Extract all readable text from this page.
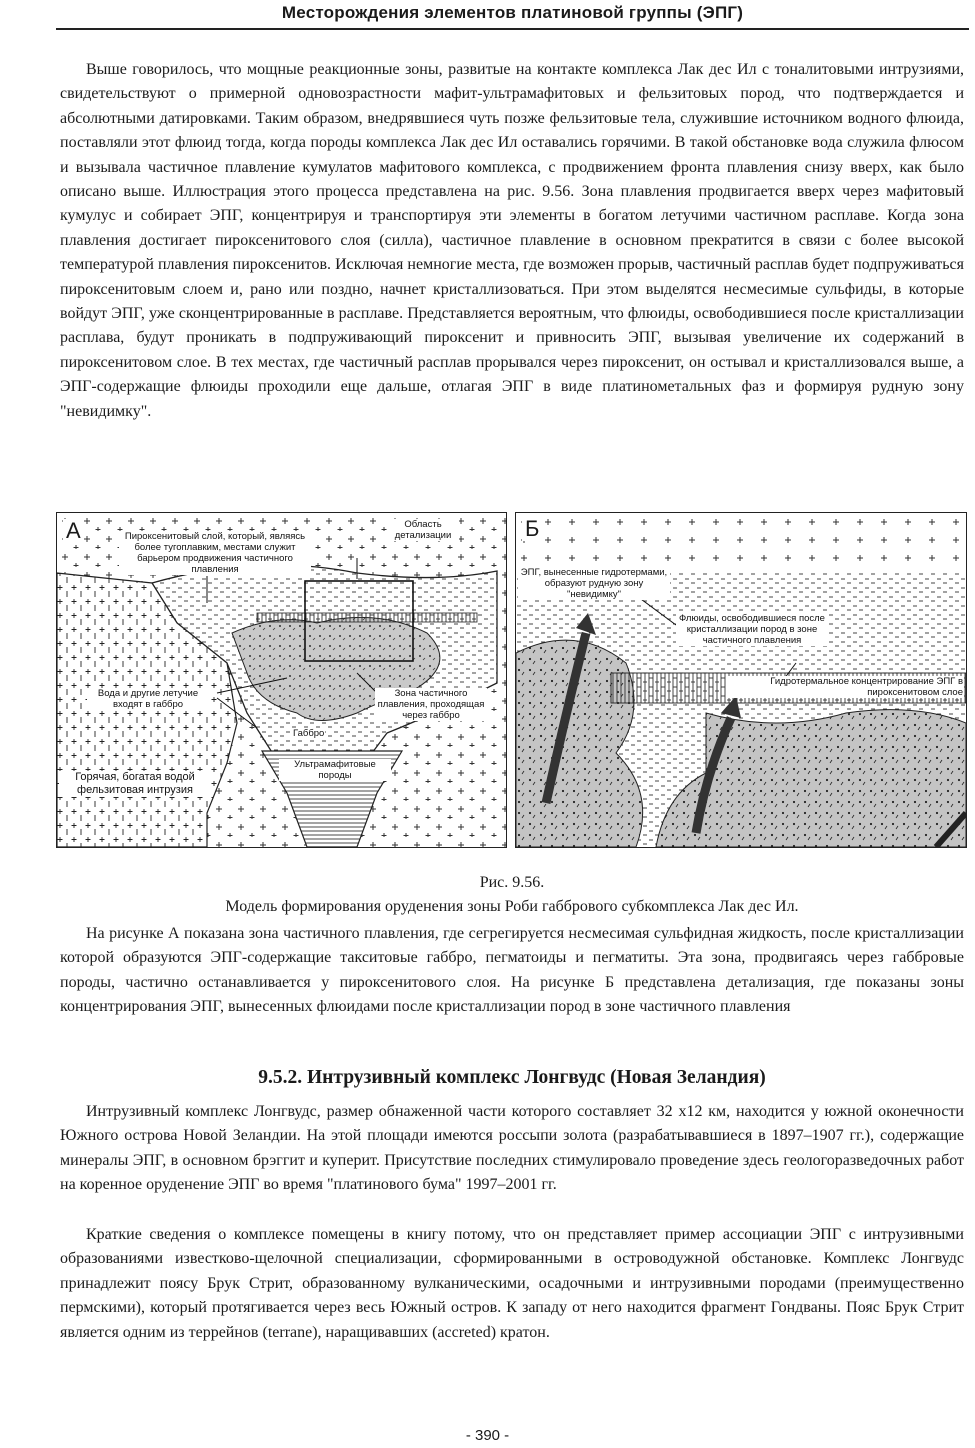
Месторождения элементов платиновой группы (ЭПГ)

Выше говорилось, что мощные реакционные зоны, развитые на контакте комплекса Лак дес Ил с тоналитовыми интрузиями, свидетельствуют о примерной одновозрастности мафит-ультрамафитовых и фельзитовых пород, что подтверждается и абсолютными датировками. Таким образом, внедрявшиеся чуть позже фельзитовые тела, служившие источником водного флюида, поставляли этот флюид тогда, когда породы комплекса Лак дес Ил оставались горячими. В такой обстановке вода служила флюсом и вызывала частичное плавление кумулатов мафитового комплекса, с продвижением фронта плавления снизу вверх, как было описано выше. Иллюстрация этого процесса представлена на рис. 9.56. Зона плавления продвигается вверх через мафитовый кумулус и собирает ЭПГ, концентрируя и транспортируя эти элементы в богатом летучими частичном расплаве. Когда зона плавления достигает пироксенитового слоя (силла), частичное плавление в основном прекратится в связи с более высокой температурой плавления пироксенитов. Исключая немногие места, где возможен прорыв, частичный расплав будет подпруживаться пироксенитовым слоем и, рано или поздно, начнет кристаллизоваться. При этом выделятся несмесимые сульфиды, в которые войдут ЭПГ, уже сконцентрированные в расплаве. Представляется вероятным, что флюиды, освободившиеся после кристаллизации расплава, будут проникать в подпруживающий пироксенит и привносить ЭПГ, вызывая увеличение их содержаний в пироксенитовом слое. В тех местах, где частичный расплав прорывался через пироксенит, он остывал и кристаллизовался выше, а ЭПГ-содержащие флюиды проходили еще дальше, отлагая ЭПГ в виде платинометальных фаз и формируя рудную зону "невидимку".

А	Пироксенитовый слой, который, являясь более тугоплавким, местами служит барьером продвижения частичного плавления
Область детализации
Вода и другие летучие входят в габбро
Зона частичного плавления, проходящая через габбро
Габбро
Ультрамафитовые породы
Горячая, богатая водой фельзитовая интрузия
Б
ЭПГ, вынесенные гидротермами, образуют рудную зону "невидимку"
Флюиды, освободившиеся после кристаллизации пород в зоне частичного плавления
Гидротермальное концентрирование ЭПГ в пироксенитовом слое
Рис. 9.56.
Модель формирования оруденения зоны Роби габбрового субкомплекса Лак дес Ил.

На рисунке А показана зона частичного плавления, где сегрегируется несмесимая сульфидная жидкость, после кристаллизации которой образуются ЭПГ-содержащие такситовые габбро, пегматоиды и пегматиты. Эта зона, продвигаясь через габбровые породы, частично останавливается у пироксенитового слоя. На рисунке Б представлена детализация, где показаны зоны концентрирования ЭПГ, вынесенных флюидами после кристаллизации пород в зоне частичного плавления

9.5.2. Интрузивный комплекс Лонгвудс (Новая Зеландия)

Интрузивный комплекс Лонгвудс, размер обнаженной части которого составляет 32 х12 км, находится у южной оконечности Южного острова Новой Зеландии. На этой площади имеются россыпи золота (разрабатывавшиеся в 1897–1907 гг.), содержащие минералы ЭПГ, в основном брэггит и куперит. Присутствие последних стимулировало проведение здесь геологоразведочных работ на коренное оруденение ЭПГ во время "платинового бума" 1997–2001 гг.

Краткие сведения о комплексе помещены в книгу потому, что он представляет пример ассоциации ЭПГ с интрузивными образованиями известково-щелочной специализации, сформированными в островодужной обстановке. Комплекс Лонгвудс принадлежит поясу Брук Стрит, образованному вулканическими, осадочными и интрузивными породами (преимущественно пермскими), который протягивается через весь Южный остров. К западу от него находится фрагмент Гондваны. Пояс Брук Стрит является одним из террейнов (terrane), наращивавших (accreted) кратон.

- 390 -
